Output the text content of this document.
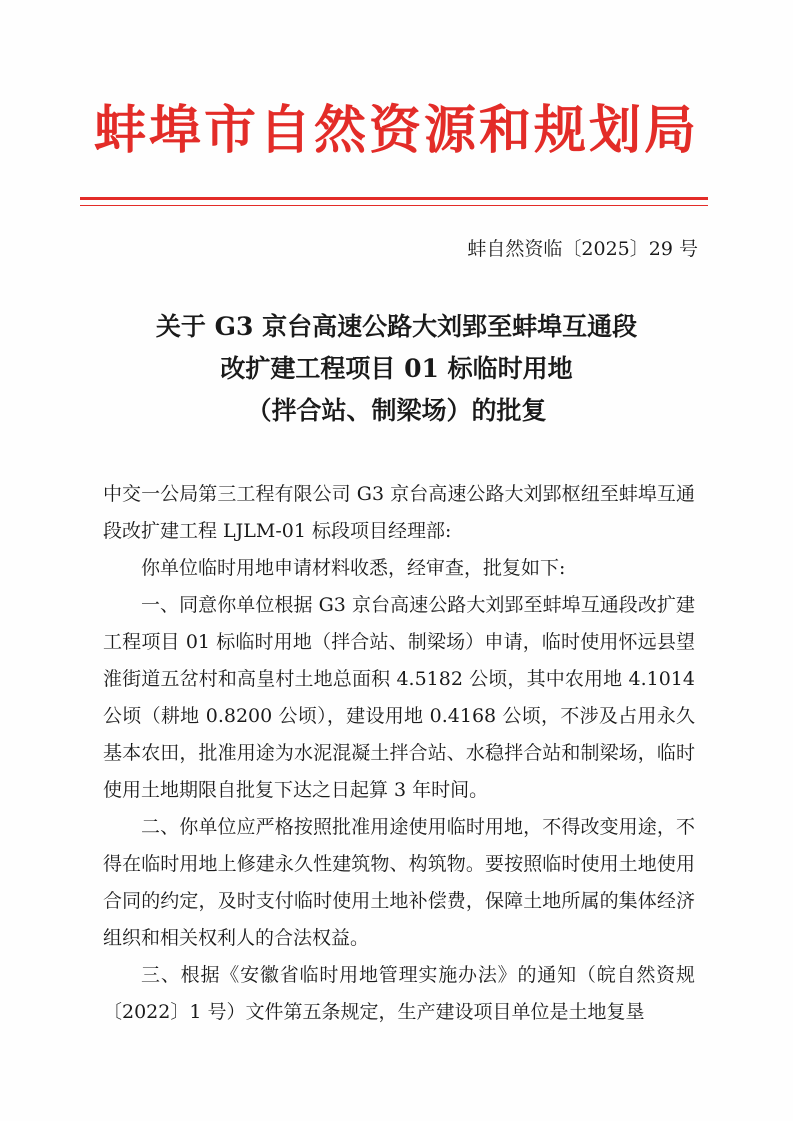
蚌埠市自然资源和规划局
蚌自然资临〔2025〕29 号
关于 G3 京台高速公路大刘郢至蚌埠互通段
改扩建工程项目 01 标临时用地
（拌合站、制梁场）的批复
中交一公局第三工程有限公司 G3 京台高速公路大刘郢枢纽至蚌埠互通段改扩建工程 LJLM-01 标段项目经理部:
你单位临时用地申请材料收悉，经审查，批复如下:
一、同意你单位根据 G3 京台高速公路大刘郢至蚌埠互通段改扩建工程项目 01 标临时用地（拌合站、制梁场）申请，临时使用怀远县望淮街道五岔村和高皇村土地总面积 4.5182 公顷，其中农用地 4.1014 公顷（耕地 0.8200 公顷），建设用地 0.4168 公顷，不涉及占用永久基本农田，批准用途为水泥混凝土拌合站、水稳拌合站和制梁场，临时使用土地期限自批复下达之日起算 3 年时间。
二、你单位应严格按照批准用途使用临时用地，不得改变用途，不得在临时用地上修建永久性建筑物、构筑物。要按照临时使用土地使用合同的约定，及时支付临时使用土地补偿费，保障土地所属的集体经济组织和相关权利人的合法权益。
三、根据《安徽省临时用地管理实施办法》的通知（皖自然资规〔2022〕1 号）文件第五条规定，生产建设项目单位是土地复垦
